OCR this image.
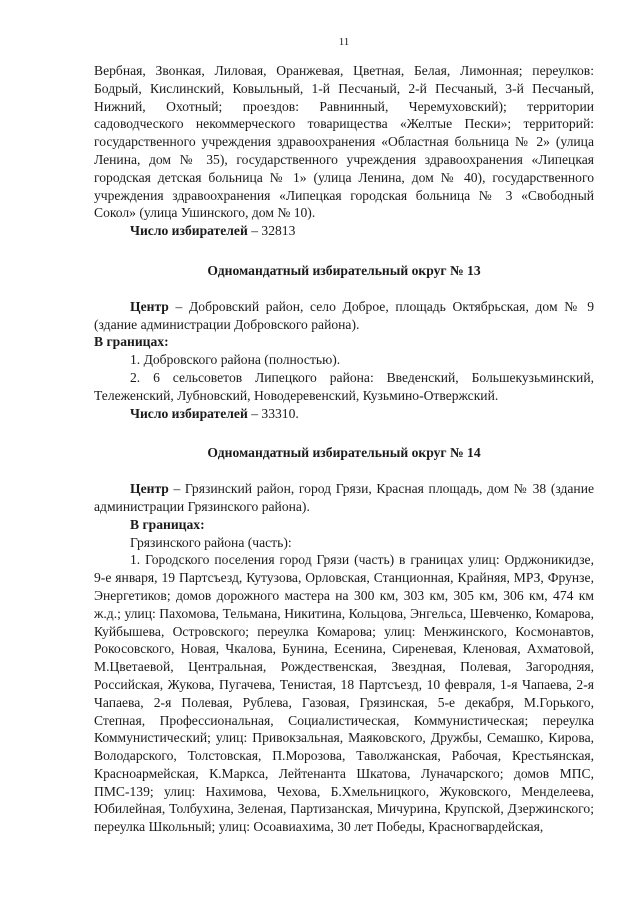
11

Вербная, Звонкая, Лиловая, Оранжевая, Цветная, Белая, Лимонная; переулков: Бодрый, Кислинский, Ковыльный, 1-й Песчаный, 2-й Песчаный, 3-й Песчаный, Нижний, Охотный; проездов: Равнинный, Черемуховский); территории садоводческого некоммерческого товарищества «Желтые Пески»; территорий: государственного учреждения здравоохранения «Областная больница № 2» (улица Ленина, дом № 35), государственного учреждения здравоохранения «Липецкая городская детская больница № 1» (улица Ленина, дом № 40), государственного учреждения здравоохранения «Липецкая городская больница № 3 «Свободный Сокол» (улица Ушинского, дом № 10).

Число избирателей – 32813

Одномандатный избирательный округ № 13

Центр – Добровский район, село Доброе, площадь Октябрьская, дом № 9 (здание администрации Добровского района).

В границах:

1. Добровского района (полностью).

2. 6 сельсоветов Липецкого района: Введенский, Большекузьминский, Тележенский, Лубновский, Новодеревенский, Кузьмино-Отвержский.

Число избирателей – 33310.

Одномандатный избирательный округ № 14

Центр – Грязинский район, город Грязи, Красная площадь, дом № 38 (здание администрации Грязинского района).

В границах:

Грязинского района (часть):

1. Городского поселения город Грязи (часть) в границах улиц: Орджоникидзе, 9-е января, 19 Партсъезд, Кутузова, Орловская, Станционная, Крайняя, МРЗ, Фрунзе, Энергетиков; домов дорожного мастера на 300 км, 303 км, 305 км, 306 км, 474 км ж.д.; улиц: Пахомова, Тельмана, Никитина, Кольцова, Энгельса, Шевченко, Комарова, Куйбышева, Островского; переулка Комарова; улиц: Менжинского, Космонавтов, Рокосовского, Новая, Чкалова, Бунина, Есенина, Сиреневая, Кленовая, Ахматовой, М.Цветаевой, Центральная, Рождественская, Звездная, Полевая, Загородняя, Российская, Жукова, Пугачева, Тенистая, 18 Партсъезд, 10 февраля, 1-я Чапаева, 2-я Чапаева, 2-я Полевая, Рублева, Газовая, Грязинская, 5-е декабря, М.Горького, Степная, Профессиональная, Социалистическая, Коммунистическая; переулка Коммунистический; улиц: Привокзальная, Маяковского, Дружбы, Семашко, Кирова, Володарского, Толстовская, П.Морозова, Таволжанская, Рабочая, Крестьянская, Красноармейская, К.Маркса, Лейтенанта Шкатова, Луначарского; домов МПС, ПМС-139; улиц: Нахимова, Чехова, Б.Хмельницкого, Жуковского, Менделеева, Юбилейная, Толбухина, Зеленая, Партизанская, Мичурина, Крупской, Дзержинского; переулка Школьный; улиц: Осоавиахима, 30 лет Победы, Красногвардейская,
